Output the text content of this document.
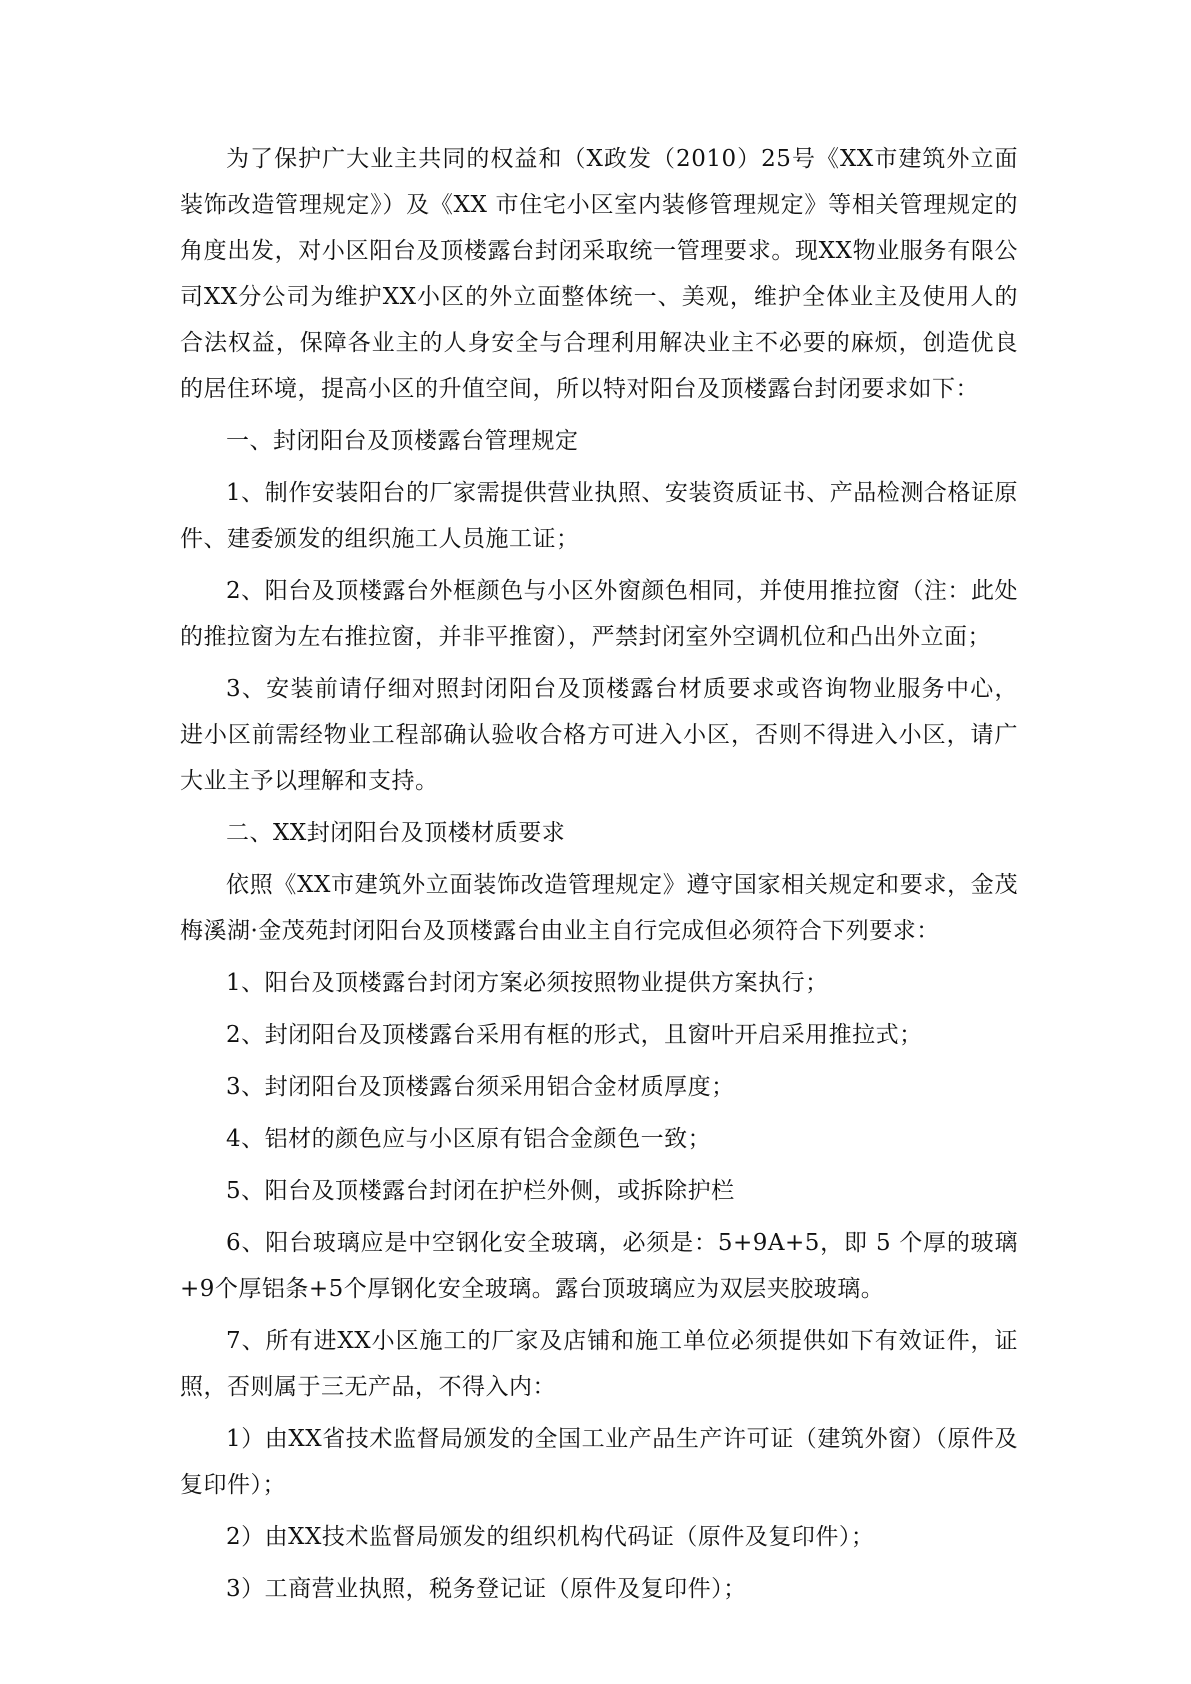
为了保护广大业主共同的权益和（X政发（2010）25号《XX市建筑外立面装饰改造管理规定》）及《XX 市住宅小区室内装修管理规定》等相关管理规定的角度出发，对小区阳台及顶楼露台封闭采取统一管理要求。现XX物业服务有限公司XX分公司为维护XX小区的外立面整体统一、美观，维护全体业主及使用人的合法权益，保障各业主的人身安全与合理利用解决业主不必要的麻烦，创造优良的居住环境，提高小区的升值空间，所以特对阳台及顶楼露台封闭要求如下：

一、封闭阳台及顶楼露台管理规定

1、制作安装阳台的厂家需提供营业执照、安装资质证书、产品检测合格证原件、建委颁发的组织施工人员施工证；

2、阳台及顶楼露台外框颜色与小区外窗颜色相同，并使用推拉窗（注：此处的推拉窗为左右推拉窗，并非平推窗），严禁封闭室外空调机位和凸出外立面；

3、安装前请仔细对照封闭阳台及顶楼露台材质要求或咨询物业服务中心， 进小区前需经物业工程部确认验收合格方可进入小区，否则不得进入小区，请广大业主予以理解和支持。

二、XX封闭阳台及顶楼材质要求

依照《XX市建筑外立面装饰改造管理规定》遵守国家相关规定和要求，金茂梅溪湖·金茂苑封闭阳台及顶楼露台由业主自行完成但必须符合下列要求：

1、阳台及顶楼露台封闭方案必须按照物业提供方案执行；

2、封闭阳台及顶楼露台采用有框的形式，且窗叶开启采用推拉式；

3、封闭阳台及顶楼露台须采用铝合金材质厚度；

4、铝材的颜色应与小区原有铝合金颜色一致；

5、阳台及顶楼露台封闭在护栏外侧，或拆除护栏

6、阳台玻璃应是中空钢化安全玻璃，必须是：5+9A+5，即 5 个厚的玻璃+9个厚铝条+5个厚钢化安全玻璃。露台顶玻璃应为双层夹胶玻璃。

7、所有进XX小区施工的厂家及店铺和施工单位必须提供如下有效证件，证照，否则属于三无产品，不得入内：

1）由XX省技术监督局颁发的全国工业产品生产许可证（建筑外窗）（原件及复印件）；

2）由XX技术监督局颁发的组织机构代码证（原件及复印件）；

3）工商营业执照，税务登记证（原件及复印件）；
